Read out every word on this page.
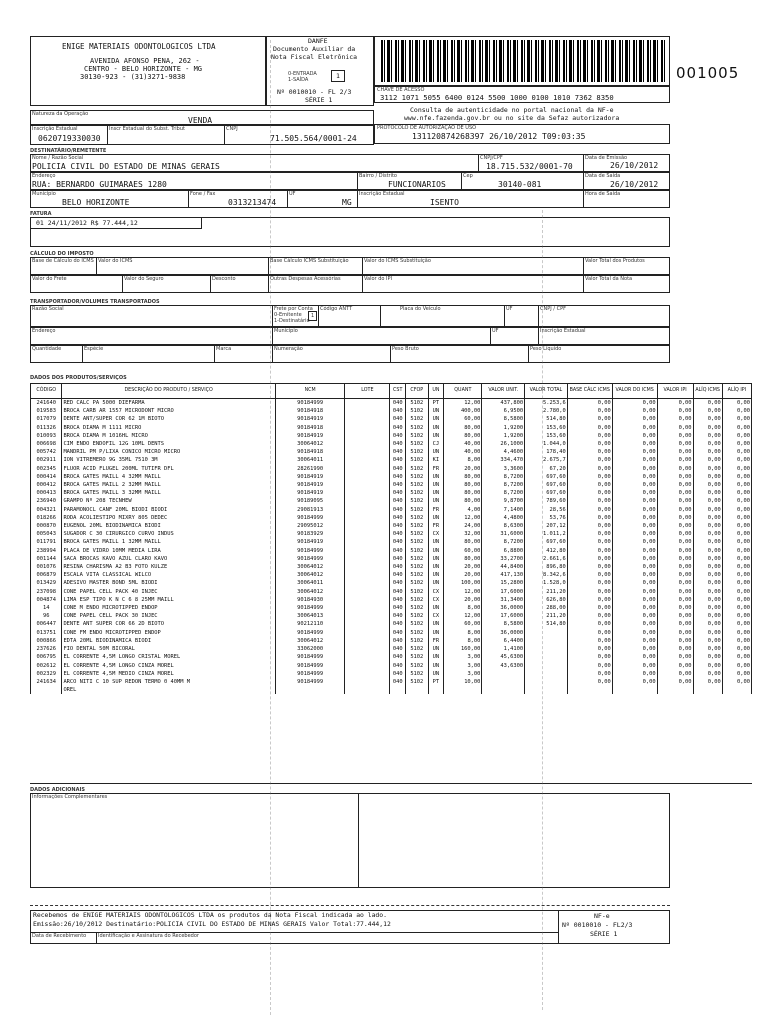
ENIGE MATERIAIS ODONTOLOGICOS LTDA
AVENIDA AFONSO PENA, 262 -
CENTRO - BELO HORIZONTE - MG
30130-923 - (31)3271-9838
DANFE
Documento Auxiliar da
Nota Fiscal Eletrônica
0-ENTRADA
1-SAÍDA	1
Nº 0010010 - FL 2/3
SÉRIE 1
001005
CHAVE DE ACESSO
3112 1071 5055 6400 0124 5500 1000 0100 1010 7362 8350
Consulta de autenticidade no portal nacional da NF-e
www.nfe.fazenda.gov.br ou no site da Sefaz autorizadora
Natureza da Operação
VENDA
PROTOCOLO DE AUTORIZAÇÃO DE USO
131120874268397 26/10/2012 T09:03:35
Inscrição Estadual
0620719330030
Inscr Estadual do Subst. Tribut	CNPJ
71.505.564/0001-24
DESTINATÁRIO/REMETENTE
Nome / Razão Social
POLICIA CIVIL DO ESTADO DE MINAS GERAIS
CNPJ/CPF
18.715.532/0001-70
Data de Emissão
26/10/2012
Endereço
RUA: BERNARDO GUIMARAES 1280
Bairro / Distrito
FUNCIONARIOS
Cep
30140-081
Data de Saída
26/10/2012
Município
BELO HORIZONTE
Fone / Fax
0313213474
UF
MG
Inscrição Estadual
ISENTO
Hora de Saída
FATURA
01 24/11/2012 R$ 77.444,12
CÁLCULO DO IMPOSTO
Base de Cálculo do ICMS Valor do ICMS	Base Cálculo ICMS Substituição	Valor do ICMS Substituição	Valor Total dos Produtos
Valor do Frete	Valor do Seguro	Desconto	Outras Despesas Acessórias	Valor do IPI	Valor Total da Nota
TRANSPORTADOR/VOLUMES TRANSPORTADOS
Razão Social	Frete por Conta
0-Emitente
1-Destinatário
1
Código ANTT	Placa do Veículo	UF	CNPJ / CPF
Endereço	Município	UF	Inscrição Estadual
Quantidade	Espécie	Marca	Numeração	Peso Bruto	Peso Líquido
DADOS DOS PRODUTOS/SERVIÇOS
CÓDIGO	DESCRIÇÃO DO PRODUTO / SERVIÇO	NCM	LOTE	CST	CFOP	UN	QUANT	VALOR UNIT.	VALOR TOTAL	BASE CÁLC ICMS	VALOR DO ICMS	VALOR IPI	ALÍQ ICMS	ALÍQ IPI
241640	RED CALC PA 5000 DIEFARMA	90184999		040	5102	PT	12,00	437,800	5.253,6	0,00	0,00	0,00	0,00	0,00
019583	BROCA CARB AR 1557 MICRODONT MICRO	90184918		040	5102	UN	400,00	6,9500	2.780,0	0,00	0,00	0,00	0,00	0,00
017079	DENTE ANT/SUPER COR 62 1M BIOTO	90184919		040	5102	UN	60,00	8,5800	514,80	0,00	0,00	0,00	0,00	0,00
011326	BROCA DIAMA M 1111 MICRO	90184918		040	5102	UN	80,00	1,9200	153,60	0,00	0,00	0,00	0,00	0,00
010093	BROCA DIAMA M 1016HL MICRO	90184919		040	5102	UN	80,00	1,9200	153,60	0,00	0,00	0,00	0,00	0,00
006698	CIM ENDO ENDOFIL 12G 10ML DENTS	30064012		040	5102	CJ	40,00	26,1000	1.044,0	0,00	0,00	0,00	0,00	0,00
005742	MANDRIL PM P/LIXA CONICO MICRO MICRO	90184918		040	5102	UN	40,00	4,4600	178,40	0,00	0,00	0,00	0,00	0,00
002911	ION VITREMERO 9G 35ML 7510 3M	30064011		040	5102	KI	8,00	334,470	2.675,7	0,00	0,00	0,00	0,00	0,00
002345	FLUOR ACID FLUGEL 200ML TUTIFR DFL	28261990		040	5102	FR	20,00	3,3600	67,20	0,00	0,00	0,00	0,00	0,00
000414	BROCA GATES MAILL 4 32MM MAILL	90184919		040	5102	UN	80,00	8,7200	697,60	0,00	0,00	0,00	0,00	0,00
000412	BROCA GATES MAILL 2 32MM MAILL	90184919		040	5102	UN	80,00	8,7200	697,60	0,00	0,00	0,00	0,00	0,00
000413	BROCA GATES MAILL 3 32MM MAILL	90184919		040	5102	UN	80,00	8,7200	697,60	0,00	0,00	0,00	0,00	0,00
236940	GRAMPO Nº 208 TECNHEW	90189095		040	5102	UN	80,00	9,8700	789,60	0,00	0,00	0,00	0,00	0,00
004321	PARAMONOCL CANF 20ML BIODI BIODI	29081913		040	5102	FR	4,00	7,1400	28,56	0,00	0,00	0,00	0,00	0,00
018266	RODA ACOLIESTIPO MIXRY 805 DEDEC	90184999		040	5102	UN	12,00	4,4800	53,76	0,00	0,00	0,00	0,00	0,00
000870	EUGENOL 20ML BIODINAMICA BIODI	29095012		040	5102	FR	24,00	8,6300	207,12	0,00	0,00	0,00	0,00	0,00
005043	SUGADOR C 30 CIRURGICO CURVO INDUS	90183929		040	5102	CX	32,00	31,6000	1.011,2	0,00	0,00	0,00	0,00	0,00
011791	BROCA GATES MAILL 1 32MM MAILL	90184919		040	5102	UN	80,00	8,7200	697,60	0,00	0,00	0,00	0,00	0,00
238994	PLACA DE VIDRO 10MM MEDIA LIRA	90184999		040	5102	UN	60,00	6,8800	412,80	0,00	0,00	0,00	0,00	0,00
001144	SACA BROCAS KAVO AZUL CLARO KAVO	90184999		040	5102	UN	80,00	33,2700	2.661,6	0,00	0,00	0,00	0,00	0,00
001076	RESINA CHARISMA A2 B3 FOTO KULZE	30064012		040	5102	UN	20,00	44,8400	896,80	0,00	0,00	0,00	0,00	0,00
006879	ESCALA VITA CLASSICAL WILCO	30064012		040	5102	UN	20,00	417,130	8.342,6	0,00	0,00	0,00	0,00	0,00
013429	ADESIVO MASTER BOND 5ML BIODI	30064011		040	5102	UN	100,00	15,2800	1.528,0	0,00	0,00	0,00	0,00	0,00
237098	CONE PAPEL CELL PACK 40 INJEC	30064012		040	5102	CX	12,00	17,6000	211,20	0,00	0,00	0,00	0,00	0,00
004874	LIMA ESP TIPO K N C 6 8 25MM MAILL	90184930		040	5102	CX	20,00	31,3400	626,80	0,00	0,00	0,00	0,00	0,00
14	CONE M ENDO MICROTIPPED ENDOP	90184999		040	5102	UN	8,00	36,0000	288,00	0,00	0,00	0,00	0,00	0,00
96	CONE PAPEL CELL PACK 30 INJEC	30064013		040	5102	CX	12,00	17,6000	211,20	0,00	0,00	0,00	0,00	0,00
006447	DENTE ANT SUPER COR 66 2D BIOTO	90212110		040	5102	UN	60,00	8,5800	514,80	0,00	0,00	0,00	0,00	0,00
013751	CONE FM ENDO MICROTIPPED ENDOP	90184999		040	5102	UN	8,00	36,0000		0,00	0,00	0,00	0,00	0,00
000866	EDTA 20ML BIODINAMICA BIODI	30064012		040	5102	FR	8,00	6,4400		0,00	0,00	0,00	0,00	0,00
237626	FIO DENTAL 50M BICORAL	33062000		040	5102	UN	160,00	1,4100		0,00	0,00	0,00	0,00	0,00
006795	EL CORRENTE 4,5M LONGO CRISTAL MOREL	90184999		040	5102	UN	3,00	45,6300		0,00	0,00	0,00	0,00	0,00
002612	EL CORRENTE 4,5M LONGO CINZA MOREL	90184999		040	5102	UN	3,00	43,6300		0,00	0,00	0,00	0,00	0,00
002329	EL CORRENTE 4,5M MEDIO CINZA MOREL	90184999		040	5102	UN	3,00			0,00	0,00	0,00	0,00	0,00
241634	ARCO NITI C 10 SUP REDON TERMO 0 40MM M	90184999		040	5102	PT	10,00			0,00	0,00	0,00	0,00	0,00
	OREL													
DADOS ADICIONAIS
Informações Complementares
Recebemos de ENIGE MATERIAIS ODONTOLOGICOS LTDA os produtos da Nota Fiscal indicada ao lado.
Emissão:26/10/2012 Destinatário:POLICIA CIVIL DO ESTADO DE MINAS GERAIS Valor Total:77.444,12
Data de Recebimento Identificação e Assinatura do Recebedor
NF-e
Nº 0010010 - FL2/3
SÉRIE 1
